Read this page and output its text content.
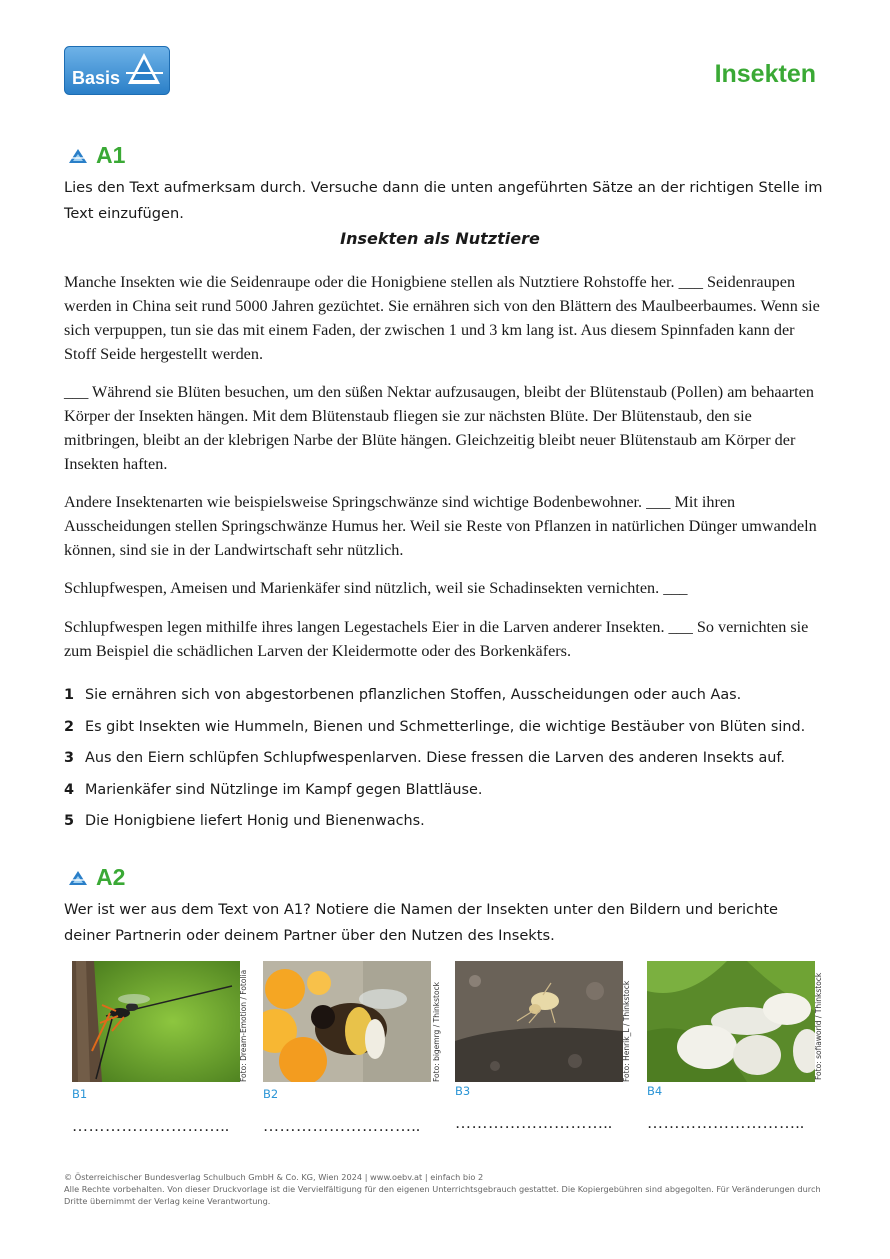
Basis	Insekten
A1
Lies den Text aufmerksam durch. Versuche dann die unten angeführten Sätze an der richtigen Stelle im Text einzufügen.
Insekten als Nutztiere

Manche Insekten wie die Seidenraupe oder die Honigbiene stellen als Nutztiere Rohstoffe her. ___ Seidenraupen werden in China seit rund 5000 Jahren gezüchtet. Sie ernähren sich von den Blättern des Maulbeerbaumes. Wenn sie sich verpuppen, tun sie das mit einem Faden, der zwischen 1 und 3 km lang ist. Aus diesem Spinnfaden kann der Stoff Seide hergestellt werden.

___ Während sie Blüten besuchen, um den süßen Nektar aufzusaugen, bleibt der Blütenstaub (Pollen) am behaarten Körper der Insekten hängen. Mit dem Blütenstaub fliegen sie zur nächsten Blüte. Der Blütenstaub, den sie mitbringen, bleibt an der klebrigen Narbe der Blüte hängen. Gleichzeitig bleibt neuer Blütenstaub am Körper der Insekten haften.

Andere Insektenarten wie beispielsweise Springschwänze sind wichtige Bodenbewohner. ___ Mit ihren Ausscheidungen stellen Springschwänze Humus her. Weil sie Reste von Pflanzen in natürlichen Dünger umwandeln können, sind sie in der Landwirtschaft sehr nützlich.

Schlupfwespen, Ameisen und Marienkäfer sind nützlich, weil sie Schadinsekten vernichten. ___

Schlupfwespen legen mithilfe ihres langen Legestachels Eier in die Larven anderer Insekten. ___ So vernichten sie zum Beispiel die schädlichen Larven der Kleidermotte oder des Borkenkäfers.

1 Sie ernähren sich von abgestorbenen pflanzlichen Stoffen, Ausscheidungen oder auch Aas.
2 Es gibt Insekten wie Hummeln, Bienen und Schmetterlinge, die wichtige Bestäuber von Blüten sind.
3 Aus den Eiern schlüpfen Schlupfwespenlarven. Diese fressen die Larven des anderen Insekts auf.
4 Marienkäfer sind Nützlinge im Kampf gegen Blattläuse.
5 Die Honigbiene liefert Honig und Bienenwachs.
A2
Wer ist wer aus dem Text von A1? Notiere die Namen der Insekten unter den Bildern und berichte deiner Partnerin oder deinem Partner über den Nutzen des Insekts.
Foto: Dream-Emotion / Fotolia
B1
………………………..
Foto: bigemrg / Thinkstock
B2
………………………..
Foto: Henrik_L / Thinkstock
B3
………………………..
Foto: sofiaworld / Thinkstock
B4
………………………..
© Österreichischer Bundesverlag Schulbuch GmbH & Co. KG, Wien 2024 | www.oebv.at | einfach bio 2
Alle Rechte vorbehalten. Von dieser Druckvorlage ist die Vervielfältigung für den eigenen Unterrichtsgebrauch gestattet. Die Kopiergebühren sind abgegolten. Für Veränderungen durch Dritte übernimmt der Verlag keine Verantwortung.
